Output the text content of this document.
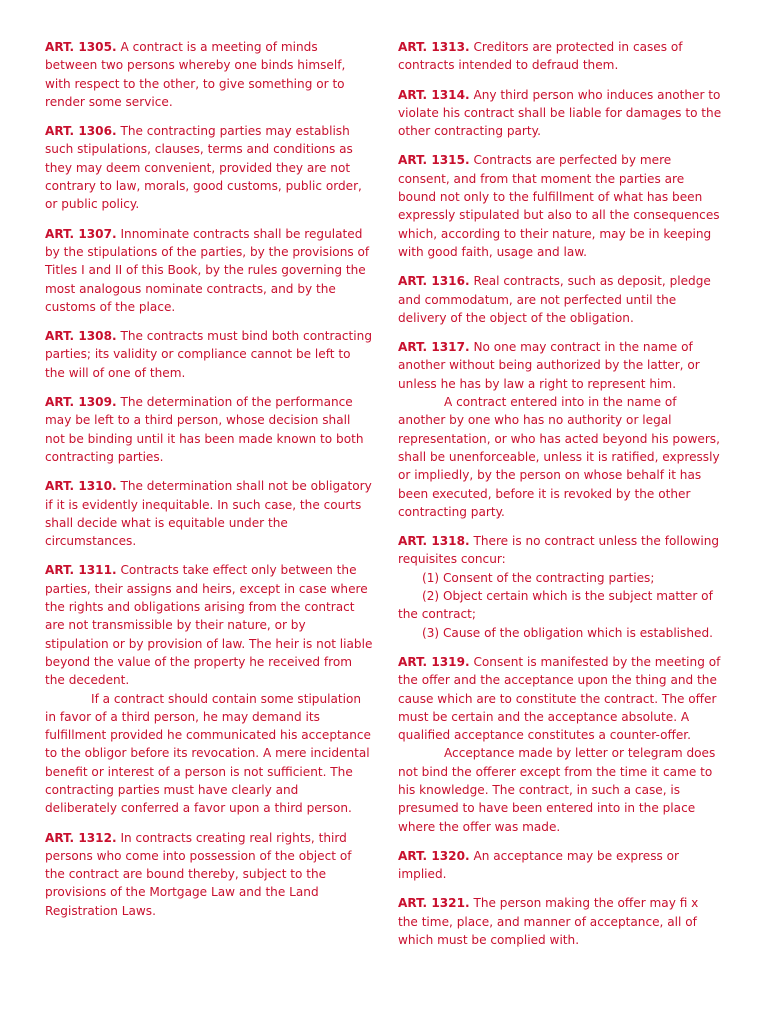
ART. 1305. A contract is a meeting of minds between two persons whereby one binds himself, with respect to the other, to give something or to render some service.

ART. 1306. The contracting parties may establish such stipulations, clauses, terms and conditions as they may deem convenient, provided they are not contrary to law, morals, good customs, public order, or public policy.

ART. 1307. Innominate contracts shall be regulated by the stipulations of the parties, by the provisions of Titles I and II of this Book, by the rules governing the most analogous nominate contracts, and by the customs of the place.

ART. 1308. The contracts must bind both contracting parties; its validity or compliance cannot be left to the will of one of them.

ART. 1309. The determination of the performance may be left to a third person, whose decision shall not be binding until it has been made known to both contracting parties.

ART. 1310. The determination shall not be obligatory if it is evidently inequitable. In such case, the courts shall decide what is equitable under the circumstances.

ART. 1311. Contracts take effect only between the parties, their assigns and heirs, except in case where the rights and obligations arising from the contract are not transmissible by their nature, or by stipulation or by provision of law. The heir is not liable beyond the value of the property he received from the decedent.
If a contract should contain some stipulation in favor of a third person, he may demand its fulfillment provided he communicated his acceptance to the obligor before its revocation. A mere incidental benefit or interest of a person is not sufficient. The contracting parties must have clearly and deliberately conferred a favor upon a third person.

ART. 1312. In contracts creating real rights, third persons who come into possession of the object of the contract are bound thereby, subject to the provisions of the Mortgage Law and the Land Registration Laws.

ART. 1313. Creditors are protected in cases of contracts intended to defraud them.

ART. 1314. Any third person who induces another to violate his contract shall be liable for damages to the other contracting party.

ART. 1315. Contracts are perfected by mere consent, and from that moment the parties are bound not only to the fulfillment of what has been expressly stipulated but also to all the consequences which, according to their nature, may be in keeping with good faith, usage and law.

ART. 1316. Real contracts, such as deposit, pledge and commodatum, are not perfected until the delivery of the object of the obligation.

ART. 1317. No one may contract in the name of another without being authorized by the latter, or unless he has by law a right to represent him.
A contract entered into in the name of another by one who has no authority or legal representation, or who has acted beyond his powers, shall be unenforceable, unless it is ratified, expressly or impliedly, by the person on whose behalf it has been executed, before it is revoked by the other contracting party.

ART. 1318. There is no contract unless the following requisites concur:
(1) Consent of the contracting parties;
(2) Object certain which is the subject matter of the contract;
(3) Cause of the obligation which is established.

ART. 1319. Consent is manifested by the meeting of the offer and the acceptance upon the thing and the cause which are to constitute the contract. The offer must be certain and the acceptance absolute. A qualified acceptance constitutes a counter-offer.
Acceptance made by letter or telegram does not bind the offerer except from the time it came to his knowledge. The contract, in such a case, is presumed to have been entered into in the place where the offer was made.

ART. 1320. An acceptance may be express or implied.

ART. 1321. The person making the offer may fi x the time, place, and manner of acceptance, all of which must be complied with.
